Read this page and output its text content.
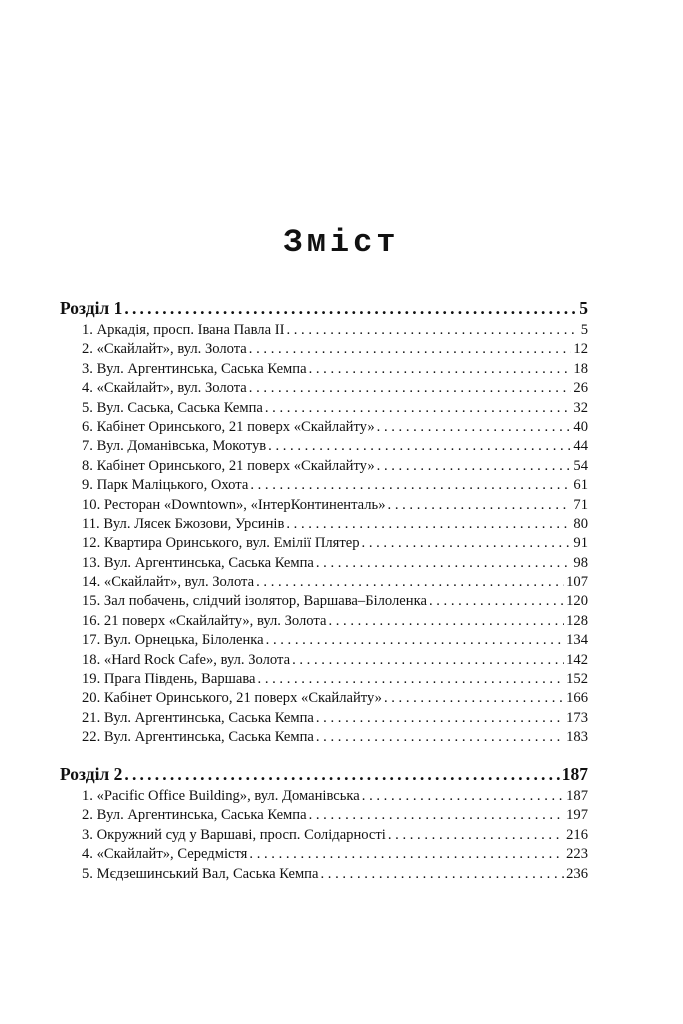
Зміст
Розділ 1 .....	5
1. Аркадія, просп. Івана Павла ІІ . . .	5
2. «Скайлайт», вул. Золота . . .	12
3. Вул. Аргентинська, Саська Кемпа . . .	18
4. «Скайлайт», вул. Золота . . .	26
5. Вул. Саська, Саська Кемпа . . .	32
6. Кабінет Оринського, 21 поверх «Скайлайту» . . .	40
7. Вул. Доманівська, Мокотув . . .	44
8. Кабінет Оринського, 21 поверх «Скайлайту» . . .	54
9. Парк Маліцького, Охота . . .	61
10. Ресторан «Downtown», «ІнтерКонтиненталь» . . .	71
11. Вул. Лясек Бжозови, Урсинів . . .	80
12. Квартира Оринського, вул. Емілії Плятер . . .	91
13. Вул. Аргентинська, Саська Кемпа . . .	98
14. «Скайлайт», вул. Золота . . .	107
15. Зал побачень, слідчий ізолятор, Варшава–Білоленка . . .	120
16. 21 поверх «Скайлайту», вул. Золота . . .	128
17. Вул. Орнецька, Білоленка . . .	134
18. «Hard Rock Cafe», вул. Золота . . .	142
19. Прага Південь, Варшава . . .	152
20. Кабінет Оринського, 21 поверх «Скайлайту» . . .	166
21. Вул. Аргентинська, Саська Кемпа . . .	173
22. Вул. Аргентинська, Саська Кемпа . . .	183
Розділ 2 .....	187
1. «Pacific Office Building», вул. Доманівська . . .	187
2. Вул. Аргентинська, Саська Кемпа . . .	197
3. Окружний суд у Варшаві, просп. Солідарності . . .	216
4. «Скайлайт», Середмістя . . .	223
5. Мєдзешинський Вал, Саська Кемпа . . .	236
